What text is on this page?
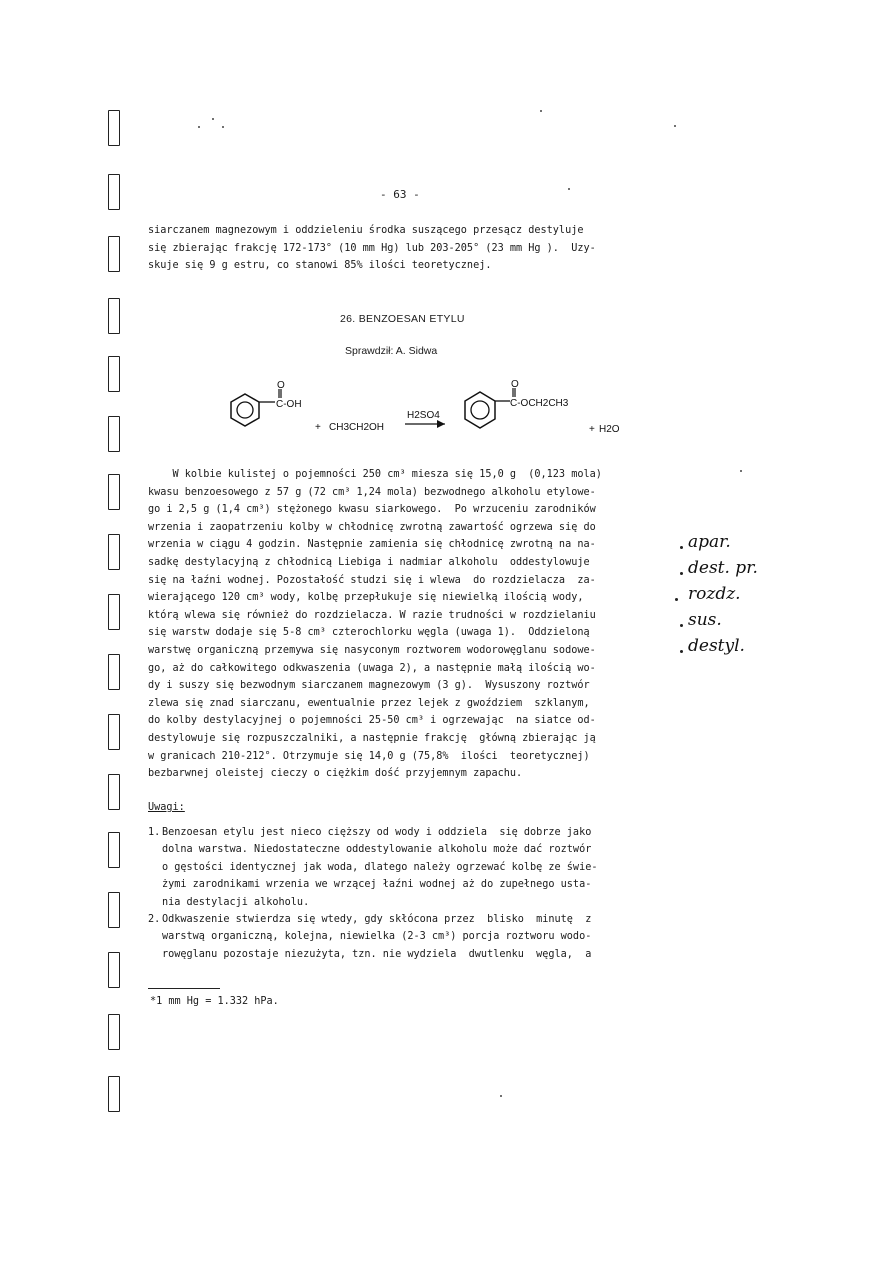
- 63 -
siarczanem magnezowym i oddzieleniu środka suszącego przesącz destyluje
się zbierając frakcję 172-173° (10 mm Hg) lub 203-205° (23 mm Hg ).  Uzy-
skuje się 9 g estru, co stanowi 85% ilości teoretycznej.
26. BENZOESAN ETYLU
Sprawdził: A. Sidwa
O
C-OH
+ CH3CH2OH
H2SO4
O
C-OCH2CH3
+ H2O
W kolbie kulistej o pojemności 250 cm³ miesza się 15,0 g  (0,123 mola)
kwasu benzoesowego z 57 g (72 cm³ 1,24 mola) bezwodnego alkoholu etylowe-
go i 2,5 g (1,4 cm³) stężonego kwasu siarkowego.  Po wrzuceniu zarodników
wrzenia i zaopatrzeniu kolby w chłodnicę zwrotną zawartość ogrzewa się do
wrzenia w ciągu 4 godzin. Następnie zamienia się chłodnicę zwrotną na na-
sadkę destylacyjną z chłodnicą Liebiga i nadmiar alkoholu  oddestylowuje
się na łaźni wodnej. Pozostałość studzi się i wlewa  do rozdzielacza  za-
wierającego 120 cm³ wody, kolbę przepłukuje się niewielką ilością wody,
którą wlewa się również do rozdzielacza. W razie trudności w rozdzielaniu
się warstw dodaje się 5-8 cm³ czterochlorku węgla (uwaga 1).  Oddzieloną
warstwę organiczną przemywa się nasyconym roztworem wodorowęglanu sodowe-
go, aż do całkowitego odkwaszenia (uwaga 2), a następnie małą ilością wo-
dy i suszy się bezwodnym siarczanem magnezowym (3 g).  Wysuszony roztwór
zlewa się znad siarczanu, ewentualnie przez lejek z gwoździem  szklanym,
do kolby destylacyjnej o pojemności 25-50 cm³ i ogrzewając  na siatce od-
destylowuje się rozpuszczalniki, a następnie frakcję  główną zbierając ją
w granicach 210-212°. Otrzymuje się 14,0 g (75,8%  ilości  teoretycznej)
bezbarwnej oleistej cieczy o ciężkim dość przyjemnym zapachu.
apar.
dest. pr.
rozdz.
sus.
destyl.
Uwagi:
1. Benzoesan etylu jest nieco cięższy od wody i oddziela  się dobrze jako
dolna warstwa. Niedostateczne oddestylowanie alkoholu może dać roztwór
o gęstości identycznej jak woda, dlatego należy ogrzewać kolbę ze świe-
żymi zarodnikami wrzenia we wrzącej łaźni wodnej aż do zupełnego usta-
nia destylacji alkoholu.
2. Odkwaszenie stwierdza się wtedy, gdy skłócona przez  blisko  minutę  z
warstwą organiczną, kolejna, niewielka (2-3 cm³) porcja roztworu wodo-
rowęglanu pozostaje niezużyta, tzn. nie wydziela  dwutlenku  węgla,  a
*1 mm Hg = 1.332 hPa.
